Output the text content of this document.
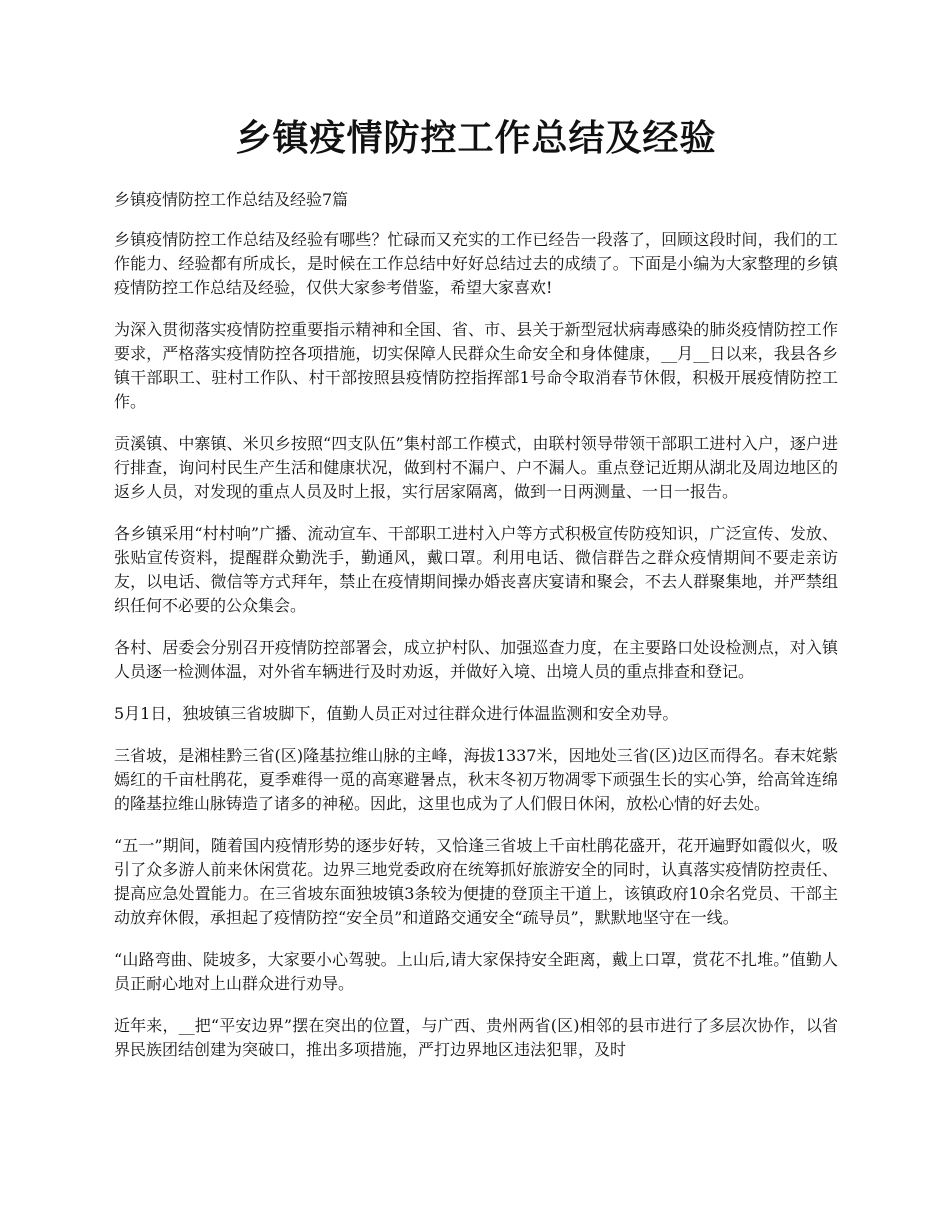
乡镇疫情防控工作总结及经验

乡镇疫情防控工作总结及经验7篇

乡镇疫情防控工作总结及经验有哪些？忙碌而又充实的工作已经告一段落了，回顾这段时间，我们的工作能力、经验都有所成长，是时候在工作总结中好好总结过去的成绩了。下面是小编为大家整理的乡镇疫情防控工作总结及经验，仅供大家参考借鉴，希望大家喜欢!

为深入贯彻落实疫情防控重要指示精神和全国、省、市、县关于新型冠状病毒感染的肺炎疫情防控工作要求，严格落实疫情防控各项措施，切实保障人民群众生命安全和身体健康，__月__日以来，我县各乡镇干部职工、驻村工作队、村干部按照县疫情防控指挥部1号命令取消春节休假，积极开展疫情防控工作。

贡溪镇、中寨镇、米贝乡按照“四支队伍”集村部工作模式，由联村领导带领干部职工进村入户，逐户进行排查，询问村民生产生活和健康状况，做到村不漏户、户不漏人。重点登记近期从湖北及周边地区的返乡人员，对发现的重点人员及时上报，实行居家隔离，做到一日两测量、一日一报告。

各乡镇采用“村村响”广播、流动宣车、干部职工进村入户等方式积极宣传防疫知识，广泛宣传、发放、张贴宣传资料，提醒群众勤洗手，勤通风，戴口罩。利用电话、微信群告之群众疫情期间不要走亲访友，以电话、微信等方式拜年，禁止在疫情期间操办婚丧喜庆宴请和聚会，不去人群聚集地，并严禁组织任何不必要的公众集会。

各村、居委会分别召开疫情防控部署会，成立护村队、加强巡查力度，在主要路口处设检测点，对入镇人员逐一检测体温，对外省车辆进行及时劝返，并做好入境、出境人员的重点排查和登记。

5月1日，独坡镇三省坡脚下，值勤人员正对过往群众进行体温监测和安全劝导。

三省坡，是湘桂黔三省(区)隆基拉维山脉的主峰，海拔1337米，因地处三省(区)边区而得名。春末姹紫嫣红的千亩杜鹃花，夏季难得一觅的高寒避暑点，秋末冬初万物凋零下顽强生长的实心笋，给高耸连绵的隆基拉维山脉铸造了诸多的神秘。因此，这里也成为了人们假日休闲，放松心情的好去处。

“五一”期间，随着国内疫情形势的逐步好转，又恰逢三省坡上千亩杜鹃花盛开，花开遍野如霞似火，吸引了众多游人前来休闲赏花。边界三地党委政府在统筹抓好旅游安全的同时，认真落实疫情防控责任、提高应急处置能力。在三省坡东面独坡镇3条较为便捷的登顶主干道上，该镇政府10余名党员、干部主动放弃休假，承担起了疫情防控“安全员”和道路交通安全“疏导员”，默默地坚守在一线。

“山路弯曲、陡坡多，大家要小心驾驶。上山后,请大家保持安全距离，戴上口罩，赏花不扎堆。”值勤人员正耐心地对上山群众进行劝导。

近年来，__把“平安边界”摆在突出的位置，与广西、贵州两省(区)相邻的县市进行了多层次协作，以省界民族团结创建为突破口，推出多项措施，严打边界地区违法犯罪，及时
